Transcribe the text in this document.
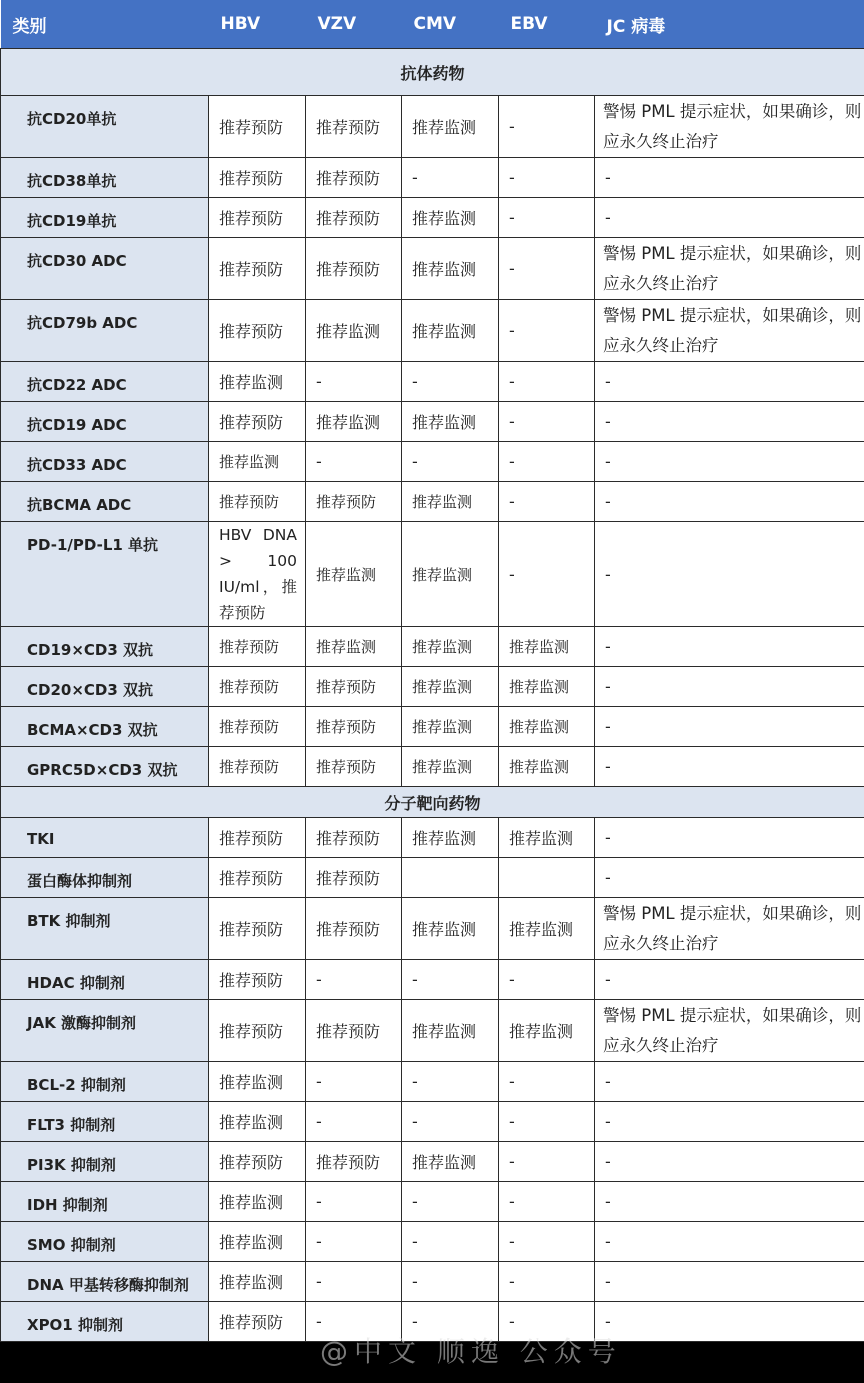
类别	HBV	VZV	CMV	EBV	JC 病毒
抗体药物					
抗CD20单抗	推荐预防	推荐预防	推荐监测	-	警惕 PML 提示症状，如果确诊，则应永久终止治疗
抗CD38单抗	推荐预防	推荐预防	-	-	-
抗CD19单抗	推荐预防	推荐预防	推荐监测	-	-
抗CD30 ADC	推荐预防	推荐预防	推荐监测	-	警惕 PML 提示症状，如果确诊，则应永久终止治疗
抗CD79b ADC	推荐预防	推荐监测	推荐监测	-	警惕 PML 提示症状，如果确诊，则应永久终止治疗
抗CD22 ADC	推荐监测	-	-	-	-
抗CD19 ADC	推荐预防	推荐监测	推荐监测	-	-
抗CD33 ADC	推荐监测	-	-	-	-
抗BCMA ADC	推荐预防	推荐预防	推荐监测	-	-
PD-1/PD-L1 单抗	HBV DNA > 100 IU/ml，推荐预防	推荐监测	推荐监测	-	-
CD19×CD3 双抗	推荐预防	推荐监测	推荐监测	推荐监测	-
CD20×CD3 双抗	推荐预防	推荐预防	推荐监测	推荐监测	-
BCMA×CD3 双抗	推荐预防	推荐预防	推荐监测	推荐监测	-
GPRC5D×CD3 双抗	推荐预防	推荐预防	推荐监测	推荐监测	-
分子靶向药物					
TKI	推荐预防	推荐预防	推荐监测	推荐监测	-
蛋白酶体抑制剂	推荐预防	推荐预防			-
BTK 抑制剂	推荐预防	推荐预防	推荐监测	推荐监测	警惕 PML 提示症状，如果确诊，则应永久终止治疗
HDAC 抑制剂	推荐预防	-	-	-	-
JAK 激酶抑制剂	推荐预防	推荐预防	推荐监测	推荐监测	警惕 PML 提示症状，如果确诊，则应永久终止治疗
BCL-2 抑制剂	推荐监测	-	-	-	-
FLT3 抑制剂	推荐监测	-	-	-	-
PI3K 抑制剂	推荐预防	推荐预防	推荐监测	-	-
IDH 抑制剂	推荐监测	-	-	-	-
SMO 抑制剂	推荐监测	-	-	-	-
DNA 甲基转移酶抑制剂	推荐监测	-	-	-	-
XPO1 抑制剂	推荐预防	-	-	-	-
@中文 顺逸 公众号
